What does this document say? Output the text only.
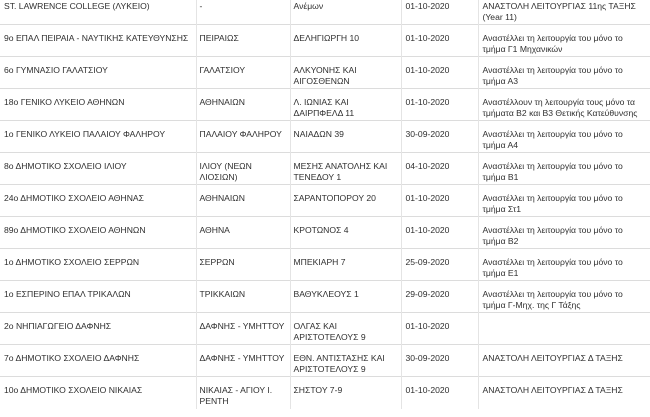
ST. LAWRENCE COLLEGE (ΛΥΚΕΙΟ)	-	Ανέμων	01-10-2020	ΑΝΑΣΤΟΛΗ ΛΕΙΤΟΥΡΓΙΑΣ 11ης ΤΑΞΗΣ (Year 11)
9ο ΕΠΑΛ ΠΕΙΡΑΙΑ - ΝΑΥΤΙΚΗΣ ΚΑΤΕΥΘΥΝΣΗΣ	ΠΕΙΡΑΙΩΣ	ΔΕΛΗΓΙΩΡΓΗ 10	01-10-2020	Αναστέλλει τη λειτουργία του μόνο το τμήμα Γ1 Μηχανικών
6ο ΓΥΜΝΑΣΙΟ ΓΑΛΑΤΣΙΟΥ	ΓΑΛΑΤΣΙΟΥ	ΑΛΚΥΟΝΗΣ ΚΑΙ ΑΙΓΟΣΘΕΝΩΝ	01-10-2020	Αναστέλλει τη λειτουργία του μόνο το τμήμα Α3
18ο ΓΕΝΙΚΟ ΛΥΚΕΙΟ ΑΘΗΝΩΝ	ΑΘΗΝΑΙΩΝ	Λ. ΙΩΝΙΑΣ ΚΑΙ ΔΑΙΡΠΦΕΛΔ 11	01-10-2020	Αναστέλλουν τη λειτουργία τους μόνο τα τμήματα Β2 και Β3 Θετικής Κατεύθυνσης
1ο ΓΕΝΙΚΟ ΛΥΚΕΙΟ ΠΑΛΑΙΟΥ ΦΑΛΗΡΟΥ	ΠΑΛΑΙΟΥ ΦΑΛΗΡΟΥ	ΝΑΙΑΔΩΝ 39	30-09-2020	Αναστέλλει τη λειτουργία του μόνο το τμήμα Α4
8ο ΔΗΜΟΤΙΚΟ ΣΧΟΛΕΙΟ ΙΛΙΟΥ	ΙΛΙΟΥ (ΝΕΩΝ ΛΙΟΣΙΩΝ)	ΜΕΣΗΣ ΑΝΑΤΟΛΗΣ ΚΑΙ ΤΕΝΕΔΟΥ 1	04-10-2020	Αναστέλλει τη λειτουργία του μόνο το τμήμα Β1
24ο ΔΗΜΟΤΙΚΟ ΣΧΟΛΕΙΟ ΑΘΗΝΑΣ	ΑΘΗΝΑΙΩΝ	ΣΑΡΑΝΤΟΠΟΡΟΥ 20	01-10-2020	Αναστέλλει τη λειτουργία του μόνο το τμήμα Στ1
89ο ΔΗΜΟΤΙΚΟ ΣΧΟΛΕΙΟ ΑΘΗΝΩΝ	ΑΘΗΝΑ	ΚΡΟΤΩΝΟΣ 4	01-10-2020	Αναστέλλει τη λειτουργία του μόνο το τμήμα Β2
1ο ΔΗΜΟΤΙΚΟ ΣΧΟΛΕΙΟ ΣΕΡΡΩΝ	ΣΕΡΡΩΝ	ΜΠΕΚΙΑΡΗ 7	25-09-2020	Αναστέλλει τη λειτουργία του μόνο το τμήμα Ε1
1ο ΕΣΠΕΡΙΝΟ ΕΠΑΛ ΤΡΙΚΑΛΩΝ	ΤΡΙΚΚΑΙΩΝ	ΒΑΘΥΚΛΕΟΥΣ 1	29-09-2020	Αναστέλλει τη λειτουργία του μόνο το τμήμα Γ-Μηχ. της Γ Τάξης
2ο ΝΗΠΙΑΓΩΓΕΙΟ ΔΑΦΝΗΣ	ΔΑΦΝΗΣ - ΥΜΗΤΤΟΥ	ΟΛΓΑΣ ΚΑΙ ΑΡΙΣΤΟΤΕΛΟΥΣ 9	01-10-2020	
7ο ΔΗΜΟΤΙΚΟ ΣΧΟΛΕΙΟ ΔΑΦΝΗΣ	ΔΑΦΝΗΣ - ΥΜΗΤΤΟΥ	ΕΘΝ. ΑΝΤΙΣΤΑΣΗΣ ΚΑΙ ΑΡΙΣΤΟΤΕΛΟΥΣ 9	30-09-2020	ΑΝΑΣΤΟΛΗ ΛΕΙΤΟΥΡΓΙΑΣ Δ ΤΑΞΗΣ
10ο ΔΗΜΟΤΙΚΟ ΣΧΟΛΕΙΟ ΝΙΚΑΙΑΣ	ΝΙΚΑΙΑΣ - ΑΓΙΟΥ Ι. ΡΕΝΤΗ	ΣΗΣΤΟΥ 7-9	01-10-2020	ΑΝΑΣΤΟΛΗ ΛΕΙΤΟΥΡΓΙΑΣ Δ ΤΑΞΗΣ
